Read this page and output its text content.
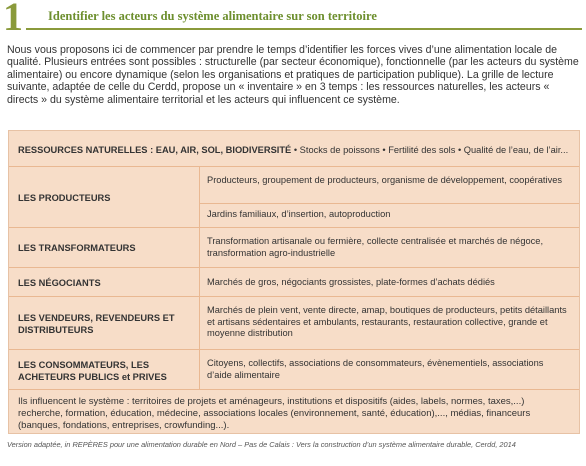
1 Identifier les acteurs du système alimentaire sur son territoire
Nous vous proposons ici de commencer par prendre le temps d’identifier les forces vives d’une alimentation locale de qualité. Plusieurs entrées sont possibles : structurelle (par secteur économique), fonctionnelle (par les acteurs du système alimentaire) ou encore dynamique (selon les organisations et pratiques de participation publique). La grille de lecture suivante, adaptée de celle du Cerdd, propose un « inventaire » en 3 temps : les ressources naturelles, les acteurs « directs » du système alimentaire territorial et les acteurs qui influencent ce système.
RESSOURCES NATURELLES : EAU, AIR, SOL, BIODIVERSITÉ • Stocks de poissons • Fertilité des sols • Qualité de l’eau, de l’air...
LES PRODUCTEURS
Producteurs, groupement de producteurs, organisme de développement, coopératives
Jardins familiaux, d’insertion, autoproduction
LES TRANSFORMATEURS
Transformation artisanale ou fermière, collecte centralisée et marchés de négoce, transformation agro-industrielle
LES NÉGOCIANTS	Marchés de gros, négociants grossistes, plate-formes d’achats dédiés
LES VENDEURS, REVENDEURS ET DISTRIBUTEURS
Marchés de plein vent, vente directe, amap, boutiques de producteurs, petits détaillants et artisans sédentaires et ambulants, restaurants, restauration collective, grande et moyenne distribution
LES CONSOMMATEURS, LES ACHETEURS PUBLICS et PRIVES
Citoyens, collectifs, associations de consommateurs, évènementiels, associations d’aide alimentaire
Ils influencent le système : territoires de projets et aménageurs, institutions et dispositifs (aides, labels, normes, taxes,...) recherche, formation, éducation, médecine, associations locales (environnement, santé, éducation),..., médias, financeurs (banques, fondations, entreprises, crowfunding...).
Version adaptée, in REPÈRES pour une alimentation durable en Nord – Pas de Calais : Vers la construction d’un système alimentaire durable, Cerdd, 2014
